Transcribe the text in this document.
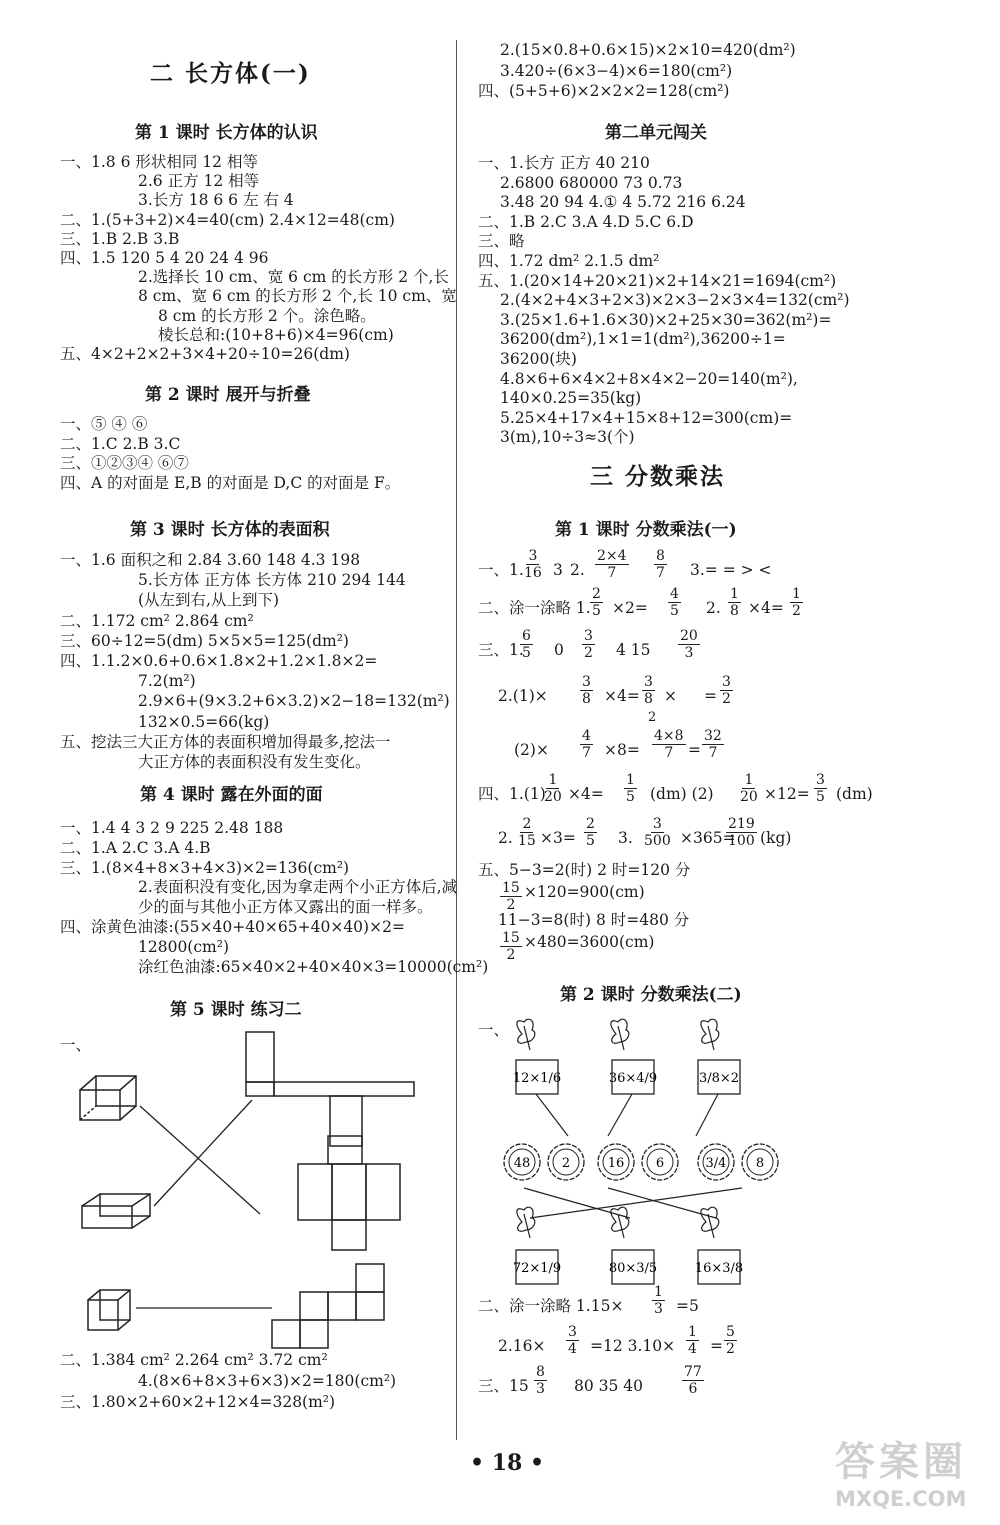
二 长方体(一)
第 1 课时 长方体的认识
一、1.8 6 形状相同 12 相等
2.6 正方 12 相等
3.长方 18 6 6 左 右 4
二、1.(5+3+2)×4=40(cm) 2.4×12=48(cm)
三、1.B 2.B 3.B
四、1.5 120 5 4 20 24 4 96
2.选择长 10 cm、宽 6 cm 的长方形 2 个,长
8 cm、宽 6 cm 的长方形 2 个,长 10 cm、宽
8 cm 的长方形 2 个。涂色略。
棱长总和:(10+8+6)×4=96(cm)
五、4×2+2×2+3×4+20÷10=26(dm)
第 2 课时 展开与折叠
一、⑤ ④ ⑥
二、1.C 2.B 3.C
三、①②③④ ⑥⑦
四、A 的对面是 E,B 的对面是 D,C 的对面是 F。
第 3 课时 长方体的表面积
一、1.6 面积之和 2.84 3.60 148 4.3 198
5.长方体 正方体 长方体 210 294 144
(从左到右,从上到下)
二、1.172 cm² 2.864 cm²
三、60÷12=5(dm) 5×5×5=125(dm²)
四、1.1.2×0.6+0.6×1.8×2+1.2×1.8×2=
7.2(m²)
2.9×6+(9×3.2+6×3.2)×2−18=132(m²)
132×0.5=66(kg)
五、挖法三大正方体的表面积增加得最多,挖法一
大正方体的表面积没有发生变化。
第 4 课时 露在外面的面
一、1.4 4 3 2 9 225 2.48 188
二、1.A 2.C 3.A 4.B
三、1.(8×4+8×3+4×3)×2=136(cm²)
2.表面积没有变化,因为拿走两个小正方体后,减
少的面与其他小正方体又露出的面一样多。
四、涂黄色油漆:(55×40+40×65+40×40)×2=
12800(cm²)
涂红色油漆:65×40×2+40×40×3=10000(cm²)
第 5 课时 练习二
一、
二、1.384 cm² 2.264 cm² 3.72 cm²
4.(8×6+8×3+6×3)×2=180(cm²)
三、1.80×2+60×2+12×4=328(m²)
2.(15×0.8+0.6×15)×2×10=420(dm²)
3.420÷(6×3−4)×6=180(cm²)
四、(5+5+6)×2×2×2=128(cm²)
第二单元闯关
一、1.长方 正方 40 210
2.6800 680000 73 0.73
3.48 20 94 4.① 4 5.72 216 6.24
二、1.B 2.C 3.A 4.D 5.C 6.D
三、略
四、1.72 dm² 2.1.5 dm²
五、1.(20×14+20×21)×2+14×21=1694(cm²)
2.(4×2+4×3+2×3)×2×3−2×3×4=132(cm²)
3.(25×1.6+1.6×30)×2+25×30=362(m²)=
36200(dm²),1×1=1(dm²),36200÷1=
36200(块)
4.8×6+6×4×2+8×4×2−20=140(m²),
140×0.25=35(kg)
5.25×4+17×4+15×8+12=300(cm)=
3(m),10÷3≈3(个)
三 分数乘法
第 1 课时 分数乘法(一)
一、1.
$\frac{3}{16} 3$ 2. $\frac{2\times 4}{7} \frac{8}{7} 3.=$ = > <
二、涂一涂略 1. $\frac{2}{5} \times 2= \frac{4}{5} 2$. $\frac{1}{8} \times 4= \frac{1}{2}$
三、1.
$\frac{6}{5} 0 \frac{3}{2} 4$ $15 \frac{20}{3}$
$2.(1)\times \frac{3}{8} \times 4= \frac{3}{8}$
2
× = $\frac{3}{2}$
$(2)\times \frac{4}{7} \times 8= \frac{4\times 8}{7} = \frac{32}{7}$
四、1.(1)
$\frac{1}{20} \times 4= \frac{1}{5} (dm)$ $(2) \frac{1}{20} \times 12= \frac{3}{5} (dm)$
2. $\frac{2}{15} \times 3= \frac{2}{5} 3$. $\frac{3}{500} \times 365=$
$\frac{219}{100} (kg)$
五、5−3=2(时) 2 时=120 分
$\frac{15}{2} \times 120=900(cm)$
11−3=8(时) 8 时=480 分
$\frac{15}{2} \times 480=3600(cm)$
第 2 课时 分数乘法(二)
一、
12×1/6	36×4/9	3/8×2
48 2	16 6	3/4 8
72×1/9	80×3/5	16×3/8
二、涂一涂略 $1.15\times \frac{1}{3} =5$
$2.16\times \frac{3}{4} =12$ $3.10\times \frac{1}{4} = \frac{5}{2}$
三、$15 \frac{8}{3} 80$ 35 40	$\frac{77}{6}$
• 18 •	答案圈
MXQE.COM
